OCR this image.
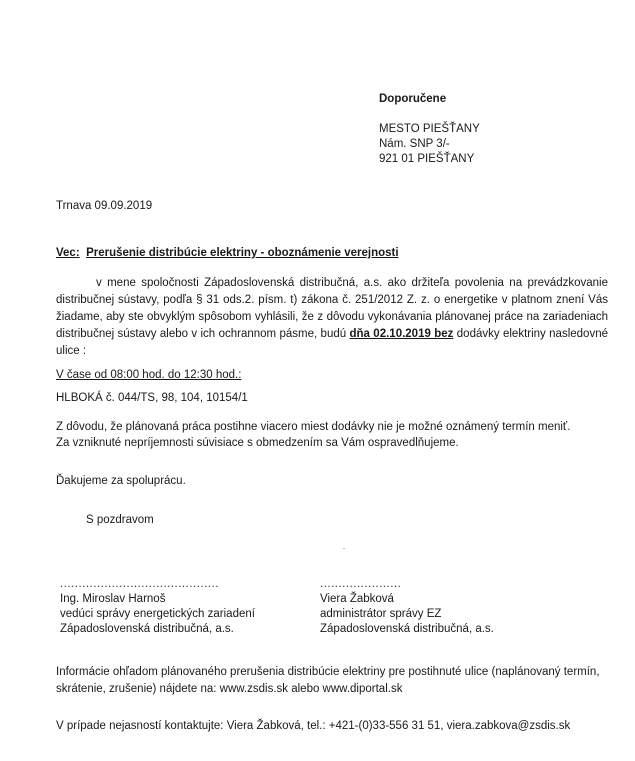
Doporučene
MESTO PIEŠŤANY
Nám. SNP 3/-
921 01 PIEŠŤANY
Trnava 09.09.2019
Vec: Prerušenie distribúcie elektriny - oboznámenie verejnosti
v mene spoločnosti Západoslovenská distribučná, a.s. ako držiteľa povolenia na prevádzkovanie
distribučnej sústavy, podľa § 31 ods.2. písm. t) zákona č. 251/2012 Z. z. o energetike v platnom znení Vás
žiadame, aby ste obvyklým spôsobom vyhlásili, že z dôvodu vykonávania plánovanej práce na zariadeniach
distribučnej sústavy alebo v ich ochrannom pásme, budú dňa 02.10.2019 bez dodávky elektriny nasledovné
ulice :
V čase od 08:00 hod. do 12:30 hod.:
HLBOKÁ č. 044/TS, 98, 104, 10154/1
Z dôvodu, že plánovaná práca postihne viacero miest dodávky nie je možné oznámený termín meniť.
Za vzniknuté nepríjemnosti súvisiace s obmedzením sa Vám ospravedlňujeme.
Ďakujeme za spoluprácu.
S pozdravom
...........................................
Ing. Miroslav Harnoš
vedúci správy energetických zariadení
Západoslovenská distribučná, a.s.
......................
Viera Žabková
administrátor správy EZ
Západoslovenská distribučná, a.s.
Informácie ohľadom plánovaného prerušenia distribúcie elektriny pre postihnuté ulice (naplánovaný termín,
skrátenie, zrušenie) nájdete na: www.zsdis.sk alebo www.diportal.sk
V prípade nejasností kontaktujte: Viera Žabková, tel.: +421-(0)33-556 31 51, viera.zabkova@zsdis.sk
